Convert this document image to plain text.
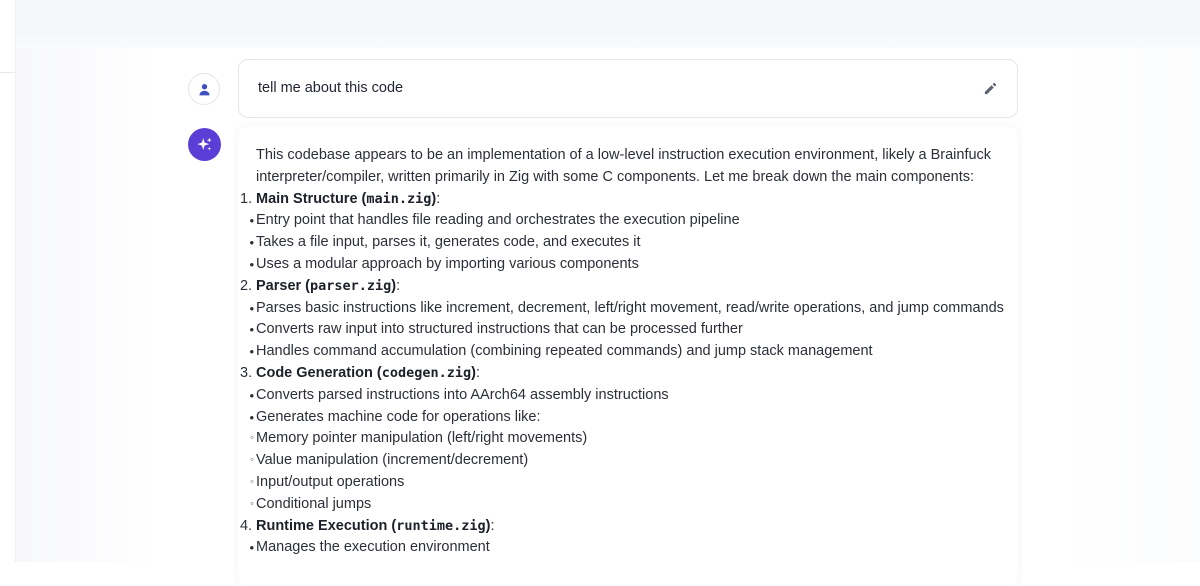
tell me about this code
This codebase appears to be an implementation of a low-level instruction execution environment, likely a Brainfuck
interpreter/compiler, written primarily in Zig with some C components. Let me break down the main components:
1. Main Structure (main.zig):
• Entry point that handles file reading and orchestrates the execution pipeline
• Takes a file input, parses it, generates code, and executes it
• Uses a modular approach by importing various components
2. Parser (parser.zig):
• Parses basic instructions like increment, decrement, left/right movement, read/write operations, and jump commands
• Converts raw input into structured instructions that can be processed further
• Handles command accumulation (combining repeated commands) and jump stack management
3. Code Generation (codegen.zig):
• Converts parsed instructions into AArch64 assembly instructions
• Generates machine code for operations like:
◦ Memory pointer manipulation (left/right movements)
◦ Value manipulation (increment/decrement)
◦ Input/output operations
◦ Conditional jumps
4. Runtime Execution (runtime.zig):
• Manages the execution environment
